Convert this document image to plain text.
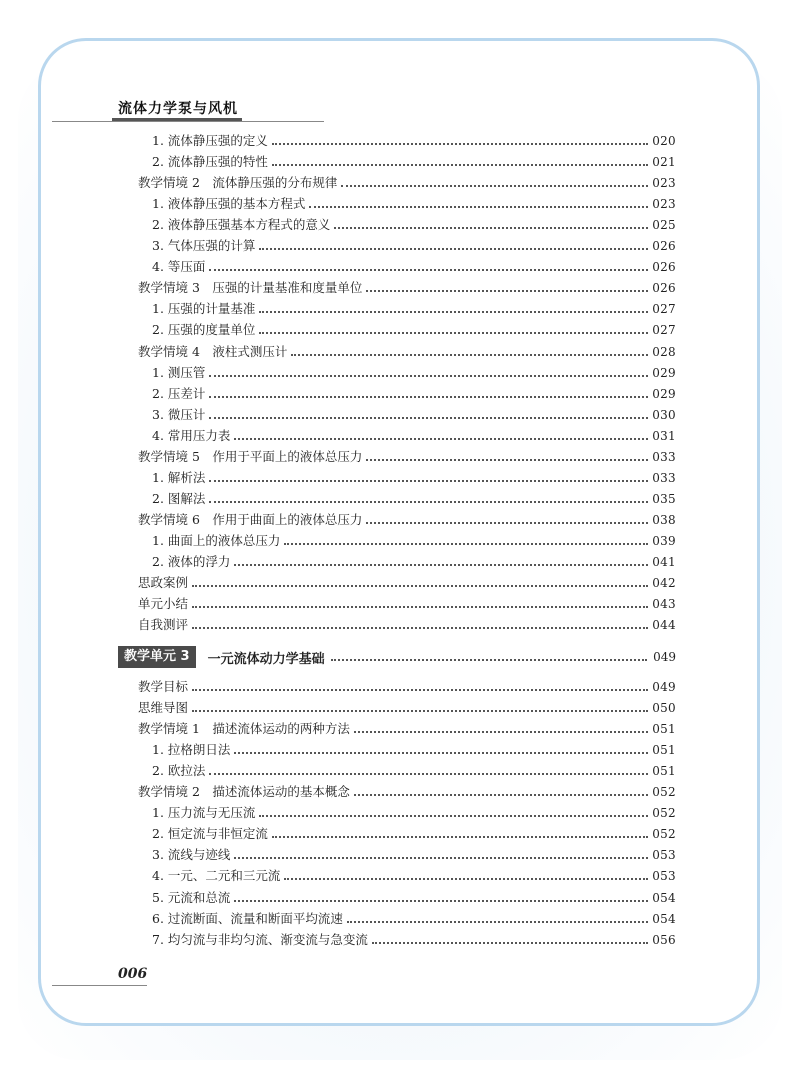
流体力学泵与风机
1. 流体静压强的定义	020
2. 流体静压强的特性	021
教学情境 2　流体静压强的分布规律	023
1. 液体静压强的基本方程式	023
2. 液体静压强基本方程式的意义	025
3. 气体压强的计算	026
4. 等压面	026
教学情境 3　压强的计量基准和度量单位	026
1. 压强的计量基准	027
2. 压强的度量单位	027
教学情境 4　液柱式测压计	028
1. 测压管	029
2. 压差计	029
3. 微压计	030
4. 常用压力表	031
教学情境 5　作用于平面上的液体总压力	033
1. 解析法	033
2. 图解法	035
教学情境 6　作用于曲面上的液体总压力	038
1. 曲面上的液体总压力	039
2. 液体的浮力	041
思政案例	042
单元小结	043
自我测评	044
教学单元 3	一元流体动力学基础	049
教学目标	049
思维导图	050
教学情境 1　描述流体运动的两种方法	051
1. 拉格朗日法	051
2. 欧拉法	051
教学情境 2　描述流体运动的基本概念	052
1. 压力流与无压流	052
2. 恒定流与非恒定流	052
3. 流线与迹线	053
4. 一元、二元和三元流	053
5. 元流和总流	054
6. 过流断面、流量和断面平均流速	054
7. 均匀流与非均匀流、渐变流与急变流	056
006
